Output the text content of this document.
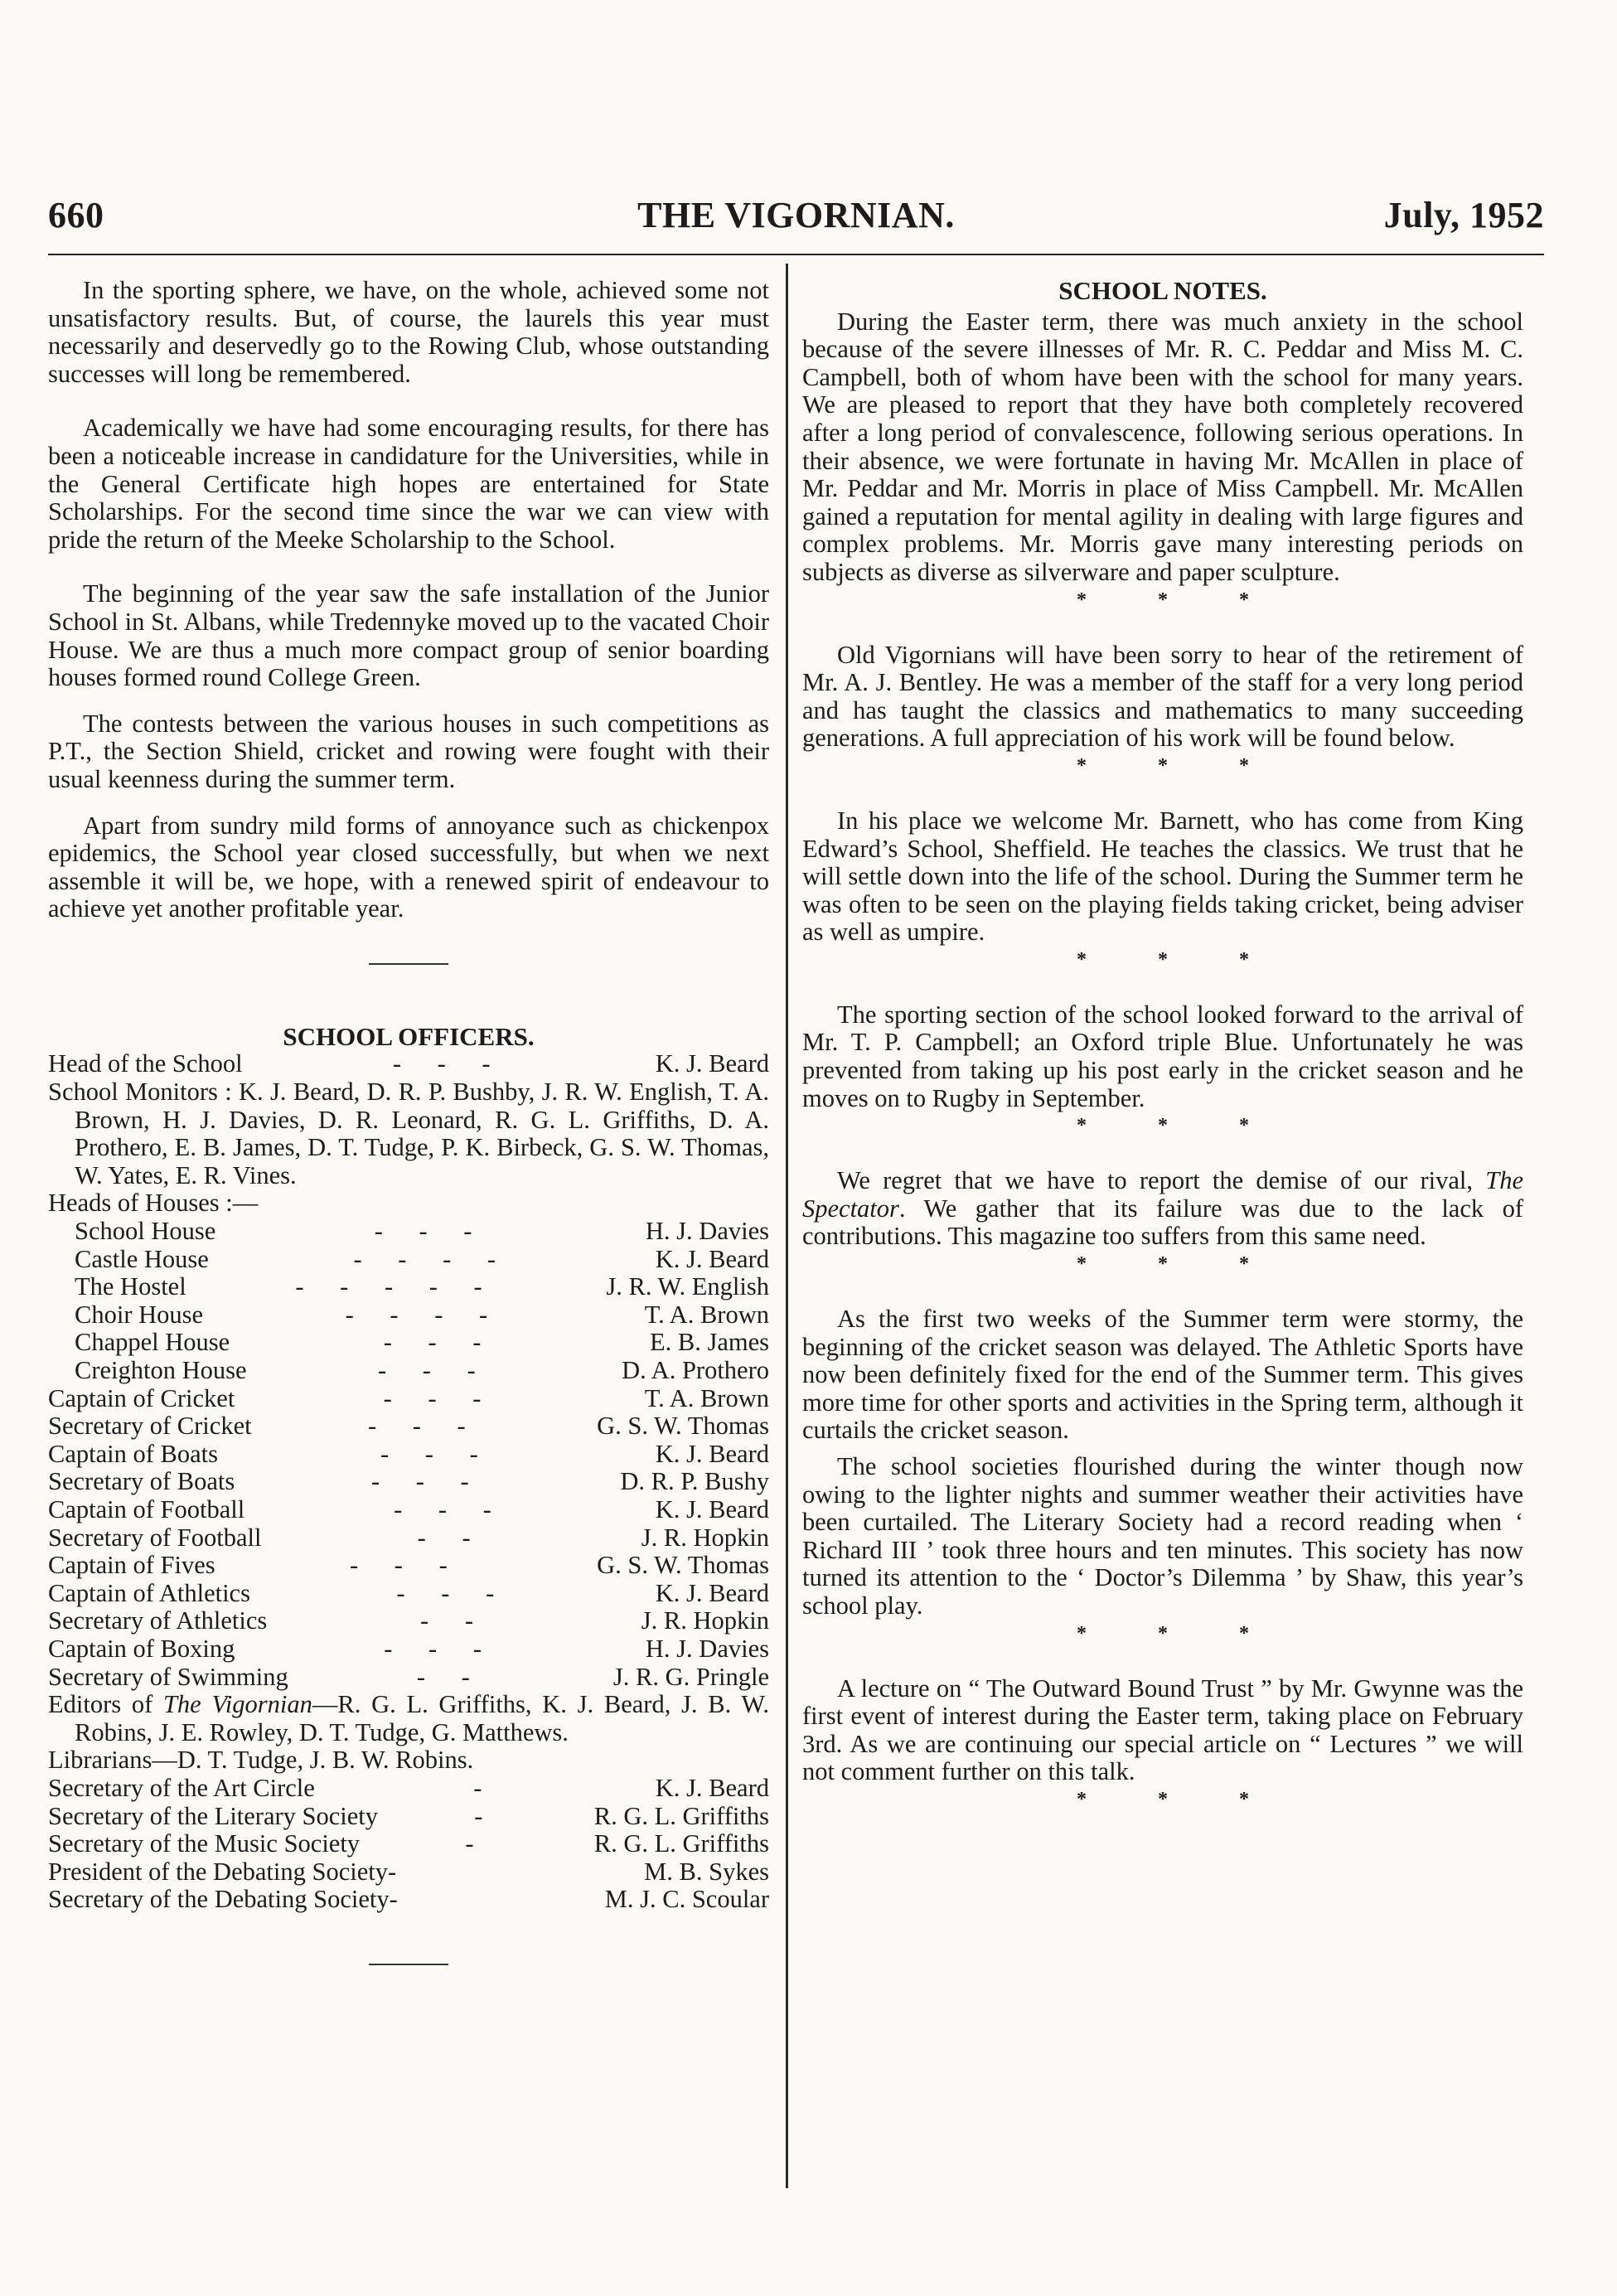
660	THE VIGORNIAN.	July, 1952

In the sporting sphere, we have, on the whole, achieved some not unsatisfactory results. But, of course, the laurels this year must necessarily and deservedly go to the Rowing Club, whose outstanding successes will long be remembered.

Academically we have had some encouraging results, for there has been a noticeable increase in candidature for the Universities, while in the General Certificate high hopes are entertained for State Scholarships. For the second time since the war we can view with pride the return of the Meeke Scholarship to the School.

The beginning of the year saw the safe installation of the Junior School in St. Albans, while Tredennyke moved up to the vacated Choir House. We are thus a much more compact group of senior boarding houses formed round College Green.

The contests between the various houses in such competitions as P.T., the Section Shield, cricket and rowing were fought with their usual keenness during the summer term.

Apart from sundry mild forms of annoyance such as chickenpox epidemics, the School year closed successfully, but when we next assemble it will be, we hope, with a renewed spirit of endeavour to achieve yet another profitable year.

SCHOOL OFFICERS.

Head of the School	- - -	K. J. Beard

School Monitors : K. J. Beard, D. R. P. Bushby, J. R. W. English, T. A. Brown, H. J. Davies, D. R. Leonard, R. G. L. Griffiths, D. A. Prothero, E. B. James, D. T. Tudge, P. K. Birbeck, G. S. W. Thomas, W. Yates, E. R. Vines.

Heads of Houses :—

School House	- - -	H. J. Davies
Castle House	- - - -	K. J. Beard
The Hostel	- - - - -	J. R. W. English
Choir House	- - - -	T. A. Brown
Chappel House	- - -	E. B. James
Creighton House	- - -	D. A. Prothero
Captain of Cricket	- - -	T. A. Brown
Secretary of Cricket	- - -	G. S. W. Thomas
Captain of Boats	- - -	K. J. Beard
Secretary of Boats	- - -	D. R. P. Bushy
Captain of Football	- - -	K. J. Beard
Secretary of Football	- -	J. R. Hopkin
Captain of Fives	- - -	G. S. W. Thomas
Captain of Athletics	- - -	K. J. Beard
Secretary of Athletics	- -	J. R. Hopkin
Captain of Boxing	- - -	H. J. Davies
Secretary of Swimming	- -	J. R. G. Pringle

Editors of The Vigornian—R. G. L. Griffiths, K. J. Beard, J. B. W. Robins, J. E. Rowley, D. T. Tudge, G. Matthews.

Librarians—D. T. Tudge, J. B. W. Robins.

Secretary of the Art Circle	-	K. J. Beard
Secretary of the Literary Society	-	R. G. L. Griffiths
Secretary of the Music Society	-	R. G. L. Griffiths
President of the Debating Society-	M. B. Sykes
Secretary of the Debating Society-	M. J. C. Scoular

SCHOOL NOTES.

During the Easter term, there was much anxiety in the school because of the severe illnesses of Mr. R. C. Peddar and Miss M. C. Campbell, both of whom have been with the school for many years. We are pleased to report that they have both completely recovered after a long period of convalescence, following serious operations. In their absence, we were fortunate in having Mr. McAllen in place of Mr. Peddar and Mr. Morris in place of Miss Campbell. Mr. McAllen gained a reputation for mental agility in dealing with large figures and complex problems. Mr. Morris gave many interesting periods on subjects as diverse as silverware and paper sculpture.

* * *

Old Vigornians will have been sorry to hear of the retirement of Mr. A. J. Bentley. He was a member of the staff for a very long period and has taught the classics and mathematics to many succeeding generations. A full appreciation of his work will be found below.

* * *

In his place we welcome Mr. Barnett, who has come from King Edward’s School, Sheffield. He teaches the classics. We trust that he will settle down into the life of the school. During the Summer term he was often to be seen on the playing fields taking cricket, being adviser as well as umpire.

* * *

The sporting section of the school looked forward to the arrival of Mr. T. P. Campbell; an Oxford triple Blue. Unfortunately he was prevented from taking up his post early in the cricket season and he moves on to Rugby in September.

* * *

We regret that we have to report the demise of our rival, The Spectator. We gather that its failure was due to the lack of contributions. This magazine too suffers from this same need.

* * *

As the first two weeks of the Summer term were stormy, the beginning of the cricket season was delayed. The Athletic Sports have now been definitely fixed for the end of the Summer term. This gives more time for other sports and activities in the Spring term, although it curtails the cricket season.

The school societies flourished during the winter though now owing to the lighter nights and summer weather their activities have been curtailed. The Literary Society had a record reading when ‘ Richard III ’ took three hours and ten minutes. This society has now turned its attention to the ‘ Doctor’s Dilemma ’ by Shaw, this year’s school play.

* * *

A lecture on “ The Outward Bound Trust ” by Mr. Gwynne was the first event of interest during the Easter term, taking place on February 3rd. As we are continuing our special article on “ Lectures ” we will not comment further on this talk.

* * *
